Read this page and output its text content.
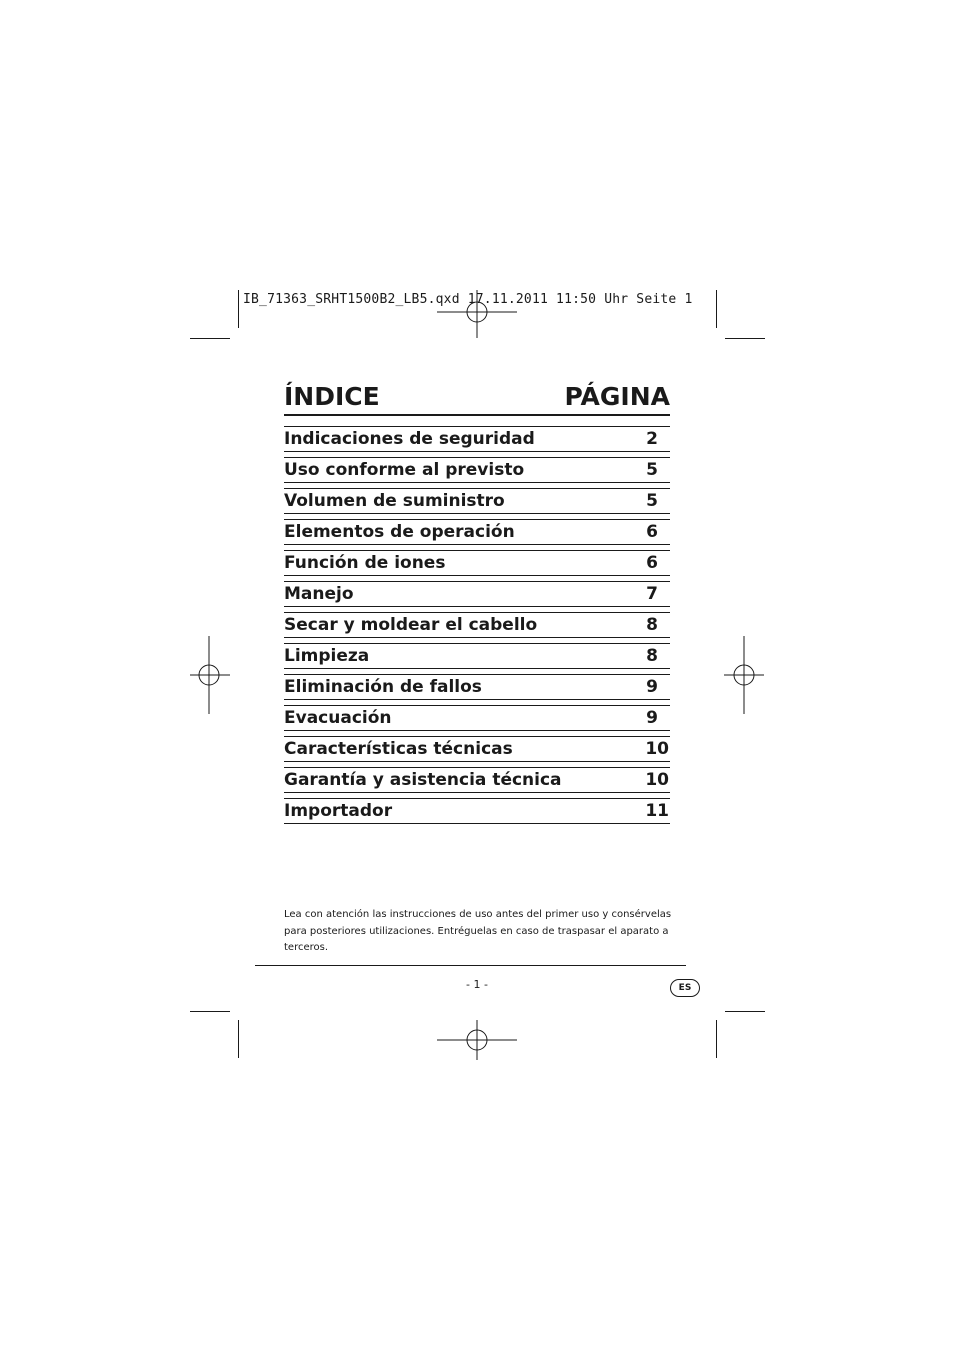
IB_71363_SRHT1500B2_LB5.qxd 17.11.2011 11:50 Uhr Seite 1
ÍNDICE	PÁGINA
Indicaciones de seguridad	2
Uso conforme al previsto	5
Volumen de suministro	5
Elementos de operación	6
Función de iones	6
Manejo	7
Secar y moldear el cabello	8
Limpieza	8
Eliminación de fallos	9
Evacuación	9
Características técnicas	10
Garantía y asistencia técnica	10
Importador	11
Lea con atención las instrucciones de uso antes del primer uso y consérvelas para posteriores utilizaciones. Entréguelas en caso de traspasar el aparato a terceros.
- 1 -	ES
